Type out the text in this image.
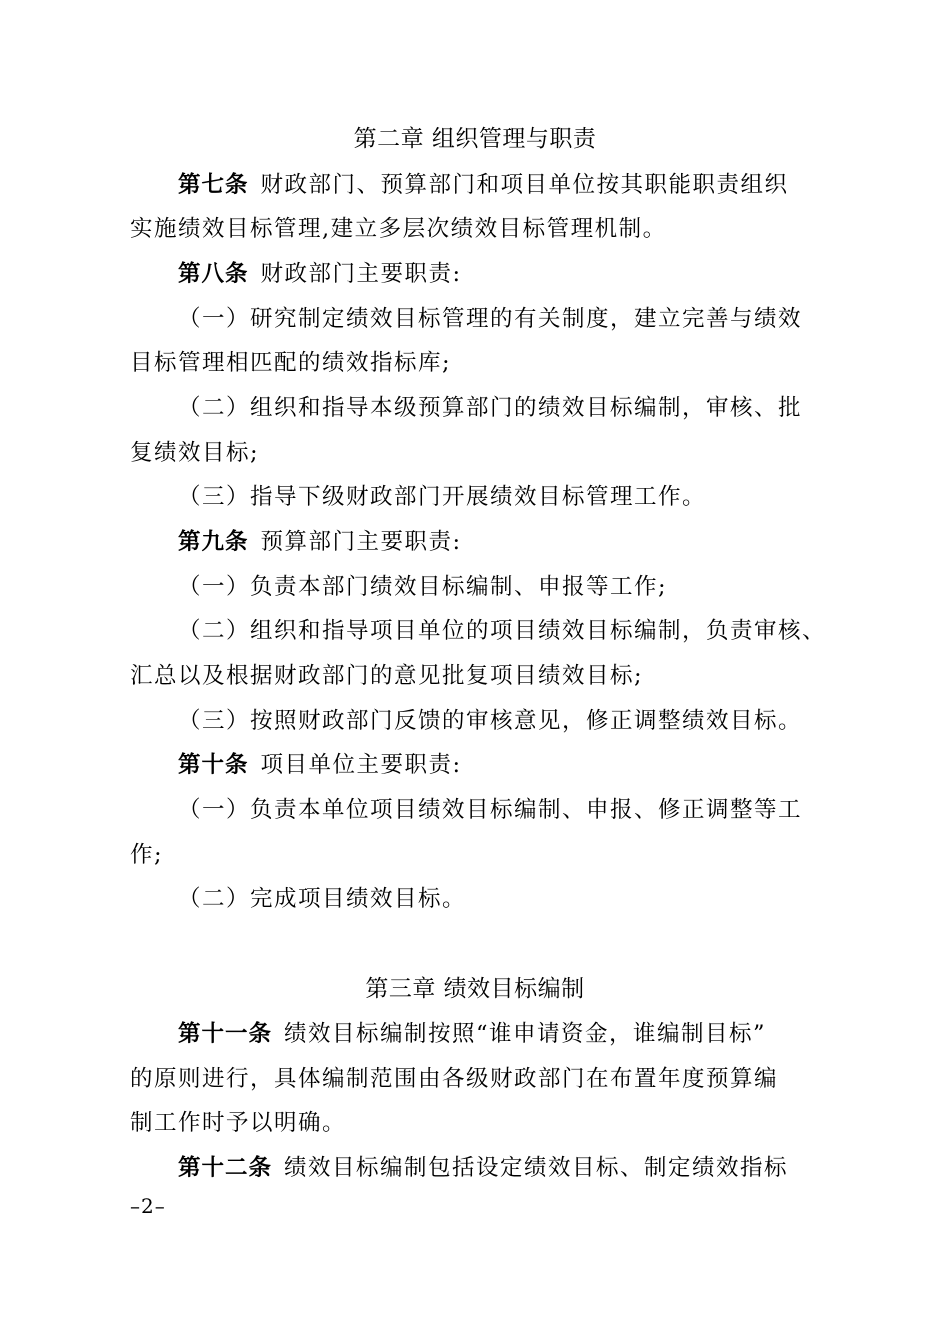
第二章 组织管理与职责
第七条 财政部门、预算部门和项目单位按其职能职责组织
实施绩效目标管理,建立多层次绩效目标管理机制。
第八条 财政部门主要职责:
（一）研究制定绩效目标管理的有关制度，建立完善与绩效
目标管理相匹配的绩效指标库;
（二）组织和指导本级预算部门的绩效目标编制，审核、批
复绩效目标;
（三）指导下级财政部门开展绩效目标管理工作。
第九条 预算部门主要职责:
（一）负责本部门绩效目标编制、申报等工作;
（二）组织和指导项目单位的项目绩效目标编制，负责审核、
汇总以及根据财政部门的意见批复项目绩效目标;
（三）按照财政部门反馈的审核意见，修正调整绩效目标。
第十条 项目单位主要职责:
（一）负责本单位项目绩效目标编制、申报、修正调整等工
作;
（二）完成项目绩效目标。
第三章 绩效目标编制
第十一条 绩效目标编制按照“谁申请资金，谁编制目标”
的原则进行，具体编制范围由各级财政部门在布置年度预算编
制工作时予以明确。
第十二条 绩效目标编制包括设定绩效目标、制定绩效指标
–2–
